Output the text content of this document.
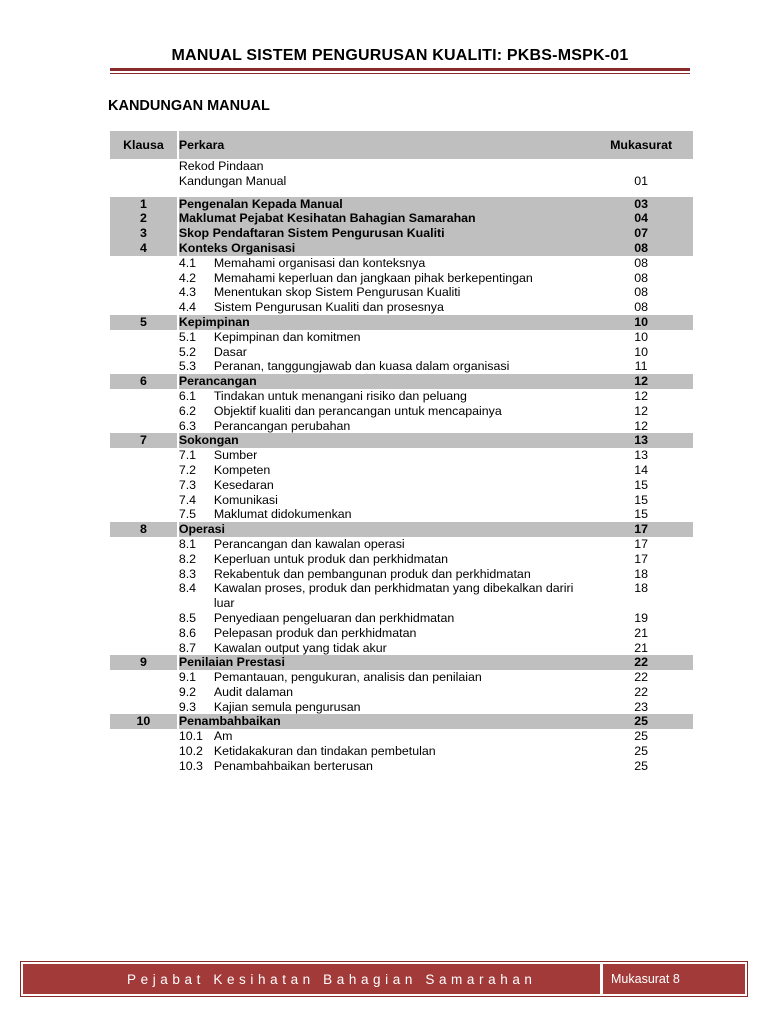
MANUAL SISTEM PENGURUSAN KUALITI: PKBS-MSPK-01
KANDUNGAN MANUAL
Klausa		Perkara	Mukasurat
		Rekod Pindaan	
		Kandungan Manual	01

1		Pengenalan Kepada Manual	03
2		Maklumat Pejabat Kesihatan Bahagian Samarahan	04
3		Skop Pendaftaran Sistem Pengurusan Kualiti	07
4		Konteks Organisasi	08

		4.1 Memahami organisasi dan konteksnya	08

		4.2 Memahami keperluan dan jangkaan pihak berkepentingan	08

		4.3 Menentukan skop Sistem Pengurusan Kualiti	08

		4.4 Sistem Pengurusan Kualiti dan prosesnya	08
5		Kepimpinan	10

		5.1 Kepimpinan dan komitmen	10

		5.2 Dasar	10

		5.3 Peranan, tanggungjawab dan kuasa dalam organisasi	11
6		Perancangan	12

		6.1 Tindakan untuk menangani risiko dan peluang	12

		6.2 Objektif kualiti dan perancangan untuk mencapainya	12

		6.3 Perancangan perubahan	12
7		Sokongan	13

		7.1 Sumber	13

		7.2 Kompeten	14

		7.3 Kesedaran	15

		7.4 Komunikasi	15

		7.5 Maklumat didokumenkan	15
8		Operasi	17

		8.1 Perancangan dan kawalan operasi	17

		8.2 Keperluan untuk produk dan perkhidmatan	17

		8.3 Rekabentuk dan pembangunan produk dan perkhidmatan	18

		8.4 Kawalan proses, produk dan perkhidmatan yang dibekalkan dariri luar	18

		8.5 Penyediaan pengeluaran dan perkhidmatan	19

		8.6 Pelepasan produk dan perkhidmatan	21

		8.7 Kawalan output yang tidak akur	21
9		Penilaian Prestasi	22

		9.1 Pemantauan, pengukuran, analisis dan penilaian	22

		9.2 Audit dalaman	22

		9.3 Kajian semula pengurusan	23
10		Penambahbaikan	25

		10.1 Am	25

		10.2 Ketidakakuran dan tindakan pembetulan	25

		10.3 Penambahbaikan berterusan	25
Pejabat Kesihatan Bahagian Samarahan	Mukasurat 8
